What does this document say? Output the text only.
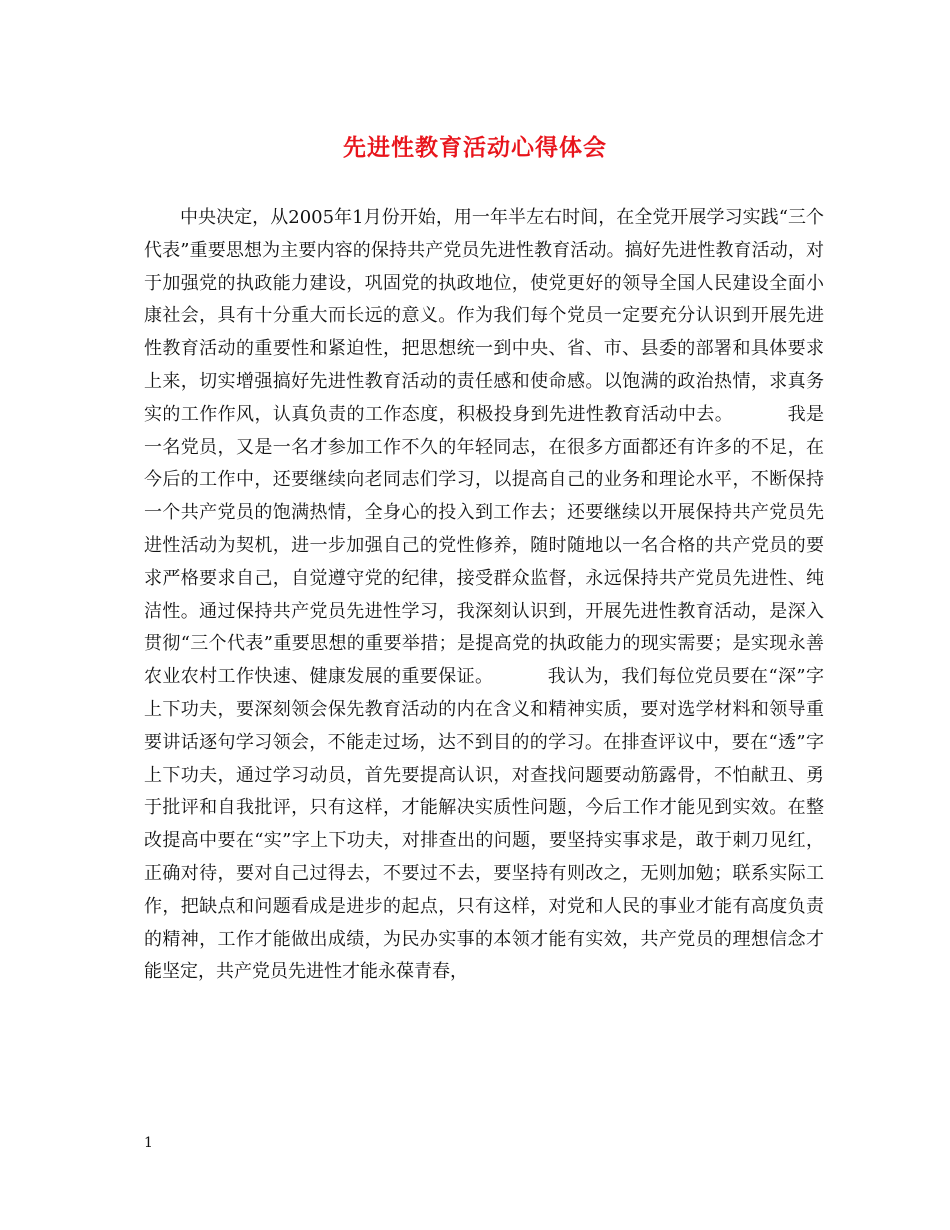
先进性教育活动心得体会

中央决定，从2005年1月份开始，用一年半左右时间，在全党开展学习实践“三个代表”重要思想为主要内容的保持共产党员先进性教育活动。搞好先进性教育活动，对于加强党的执政能力建设，巩固党的执政地位，使党更好的领导全国人民建设全面小康社会，具有十分重大而长远的意义。作为我们每个党员一定要充分认识到开展先进性教育活动的重要性和紧迫性，把思想统一到中央、省、市、县委的部署和具体要求上来，切实增强搞好先进性教育活动的责任感和使命感。以饱满的政治热情，求真务实的工作作风，认真负责的工作态度，积极投身到先进性教育活动中去。	我是一名党员，又是一名才参加工作不久的年轻同志，在很多方面都还有许多的不足，在今后的工作中，还要继续向老同志们学习，以提高自己的业务和理论水平，不断保持一个共产党员的饱满热情，全身心的投入到工作去；还要继续以开展保持共产党员先进性活动为契机，进一步加强自己的党性修养，随时随地以一名合格的共产党员的要求严格要求自己，自觉遵守党的纪律，接受群众监督，永远保持共产党员先进性、纯洁性。通过保持共产党员先进性学习，我深刻认识到，开展先进性教育活动，是深入贯彻“三个代表”重要思想的重要举措；是提高党的执政能力的现实需要；是实现永善农业农村工作快速、健康发展的重要保证。	我认为，我们每位党员要在“深”字上下功夫，要深刻领会保先教育活动的内在含义和精神实质，要对选学材料和领导重要讲话逐句学习领会，不能走过场，达不到目的的学习。在排查评议中，要在“透”字上下功夫，通过学习动员，首先要提高认识，对查找问题要动筋露骨，不怕献丑、勇于批评和自我批评，只有这样，才能解决实质性问题，今后工作才能见到实效。在整改提高中要在“实”字上下功夫，对排查出的问题，要坚持实事求是，敢于刺刀见红，正确对待，要对自己过得去，不要过不去，要坚持有则改之，无则加勉；联系实际工作，把缺点和问题看成是进步的起点，只有这样，对党和人民的事业才能有高度负责的精神，工作才能做出成绩，为民办实事的本领才能有实效，共产党员的理想信念才能坚定，共产党员先进性才能永葆青春，

1
